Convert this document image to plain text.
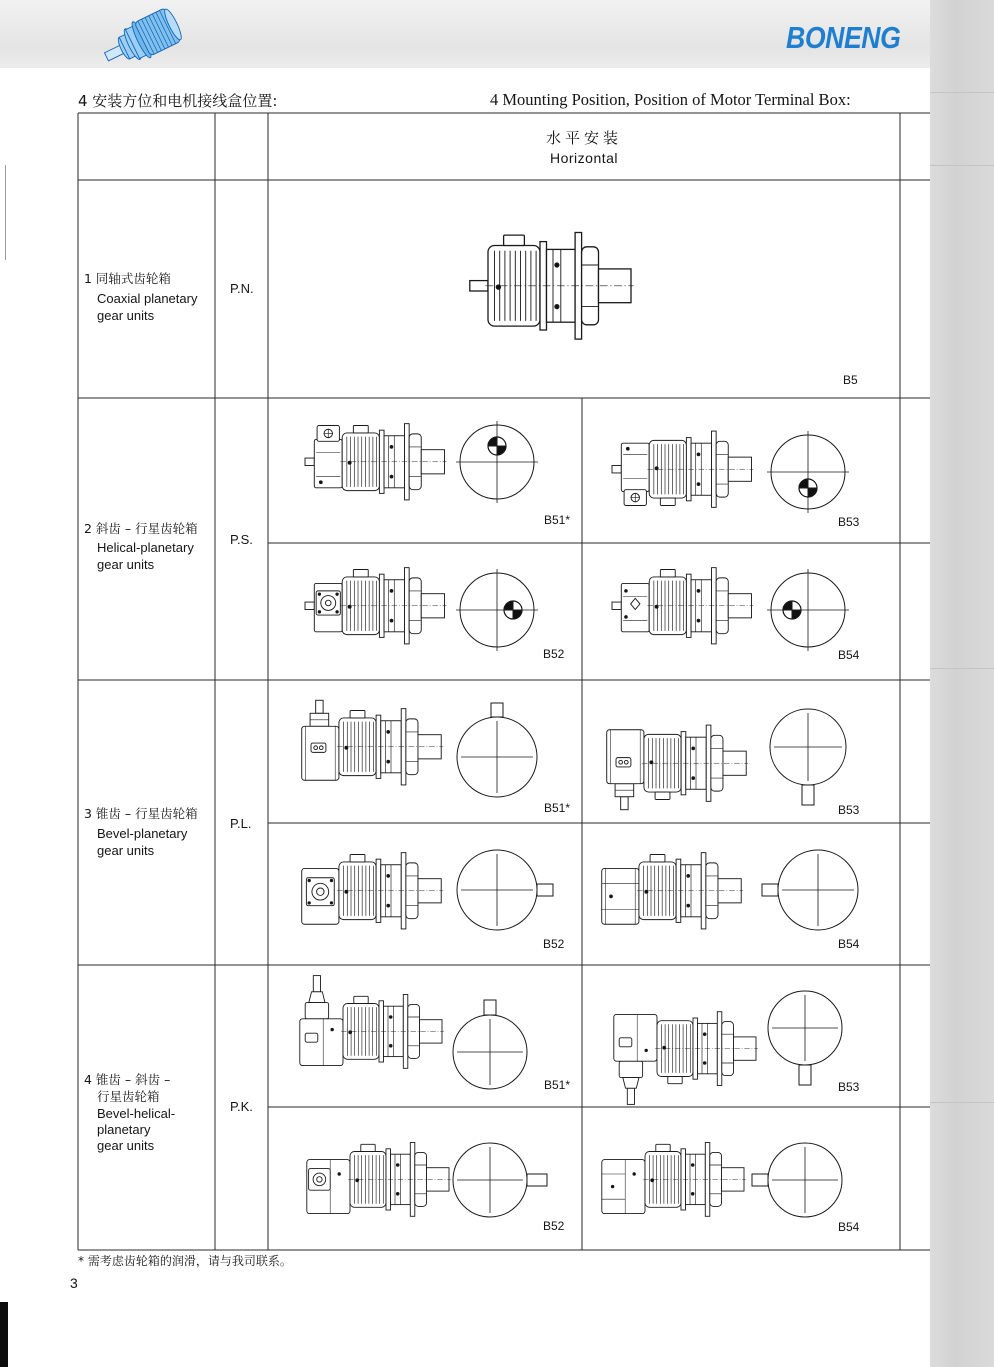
BONENG
4 安装方位和电机接线盒位置:	4 Mounting Position, Position of Motor Terminal Box:
水平安装
Horizontal
1 同轴式齿轮箱
Coaxial planetary
gear units
P.N.
B5
2 斜齿 – 行星齿轮箱
Helical-planetary
gear units
P.S.
B51*	B53
B52	B54
3 锥齿 – 行星齿轮箱
Bevel-planetary
gear units
P.L.
B51*	B53
B52	B54
4 锥齿 – 斜齿 –
行星齿轮箱
Bevel-helical-
planetary
gear units
P.K.
B51*	B53
B52	B54
* 需考虑齿轮箱的润滑，请与我司联系。
3
